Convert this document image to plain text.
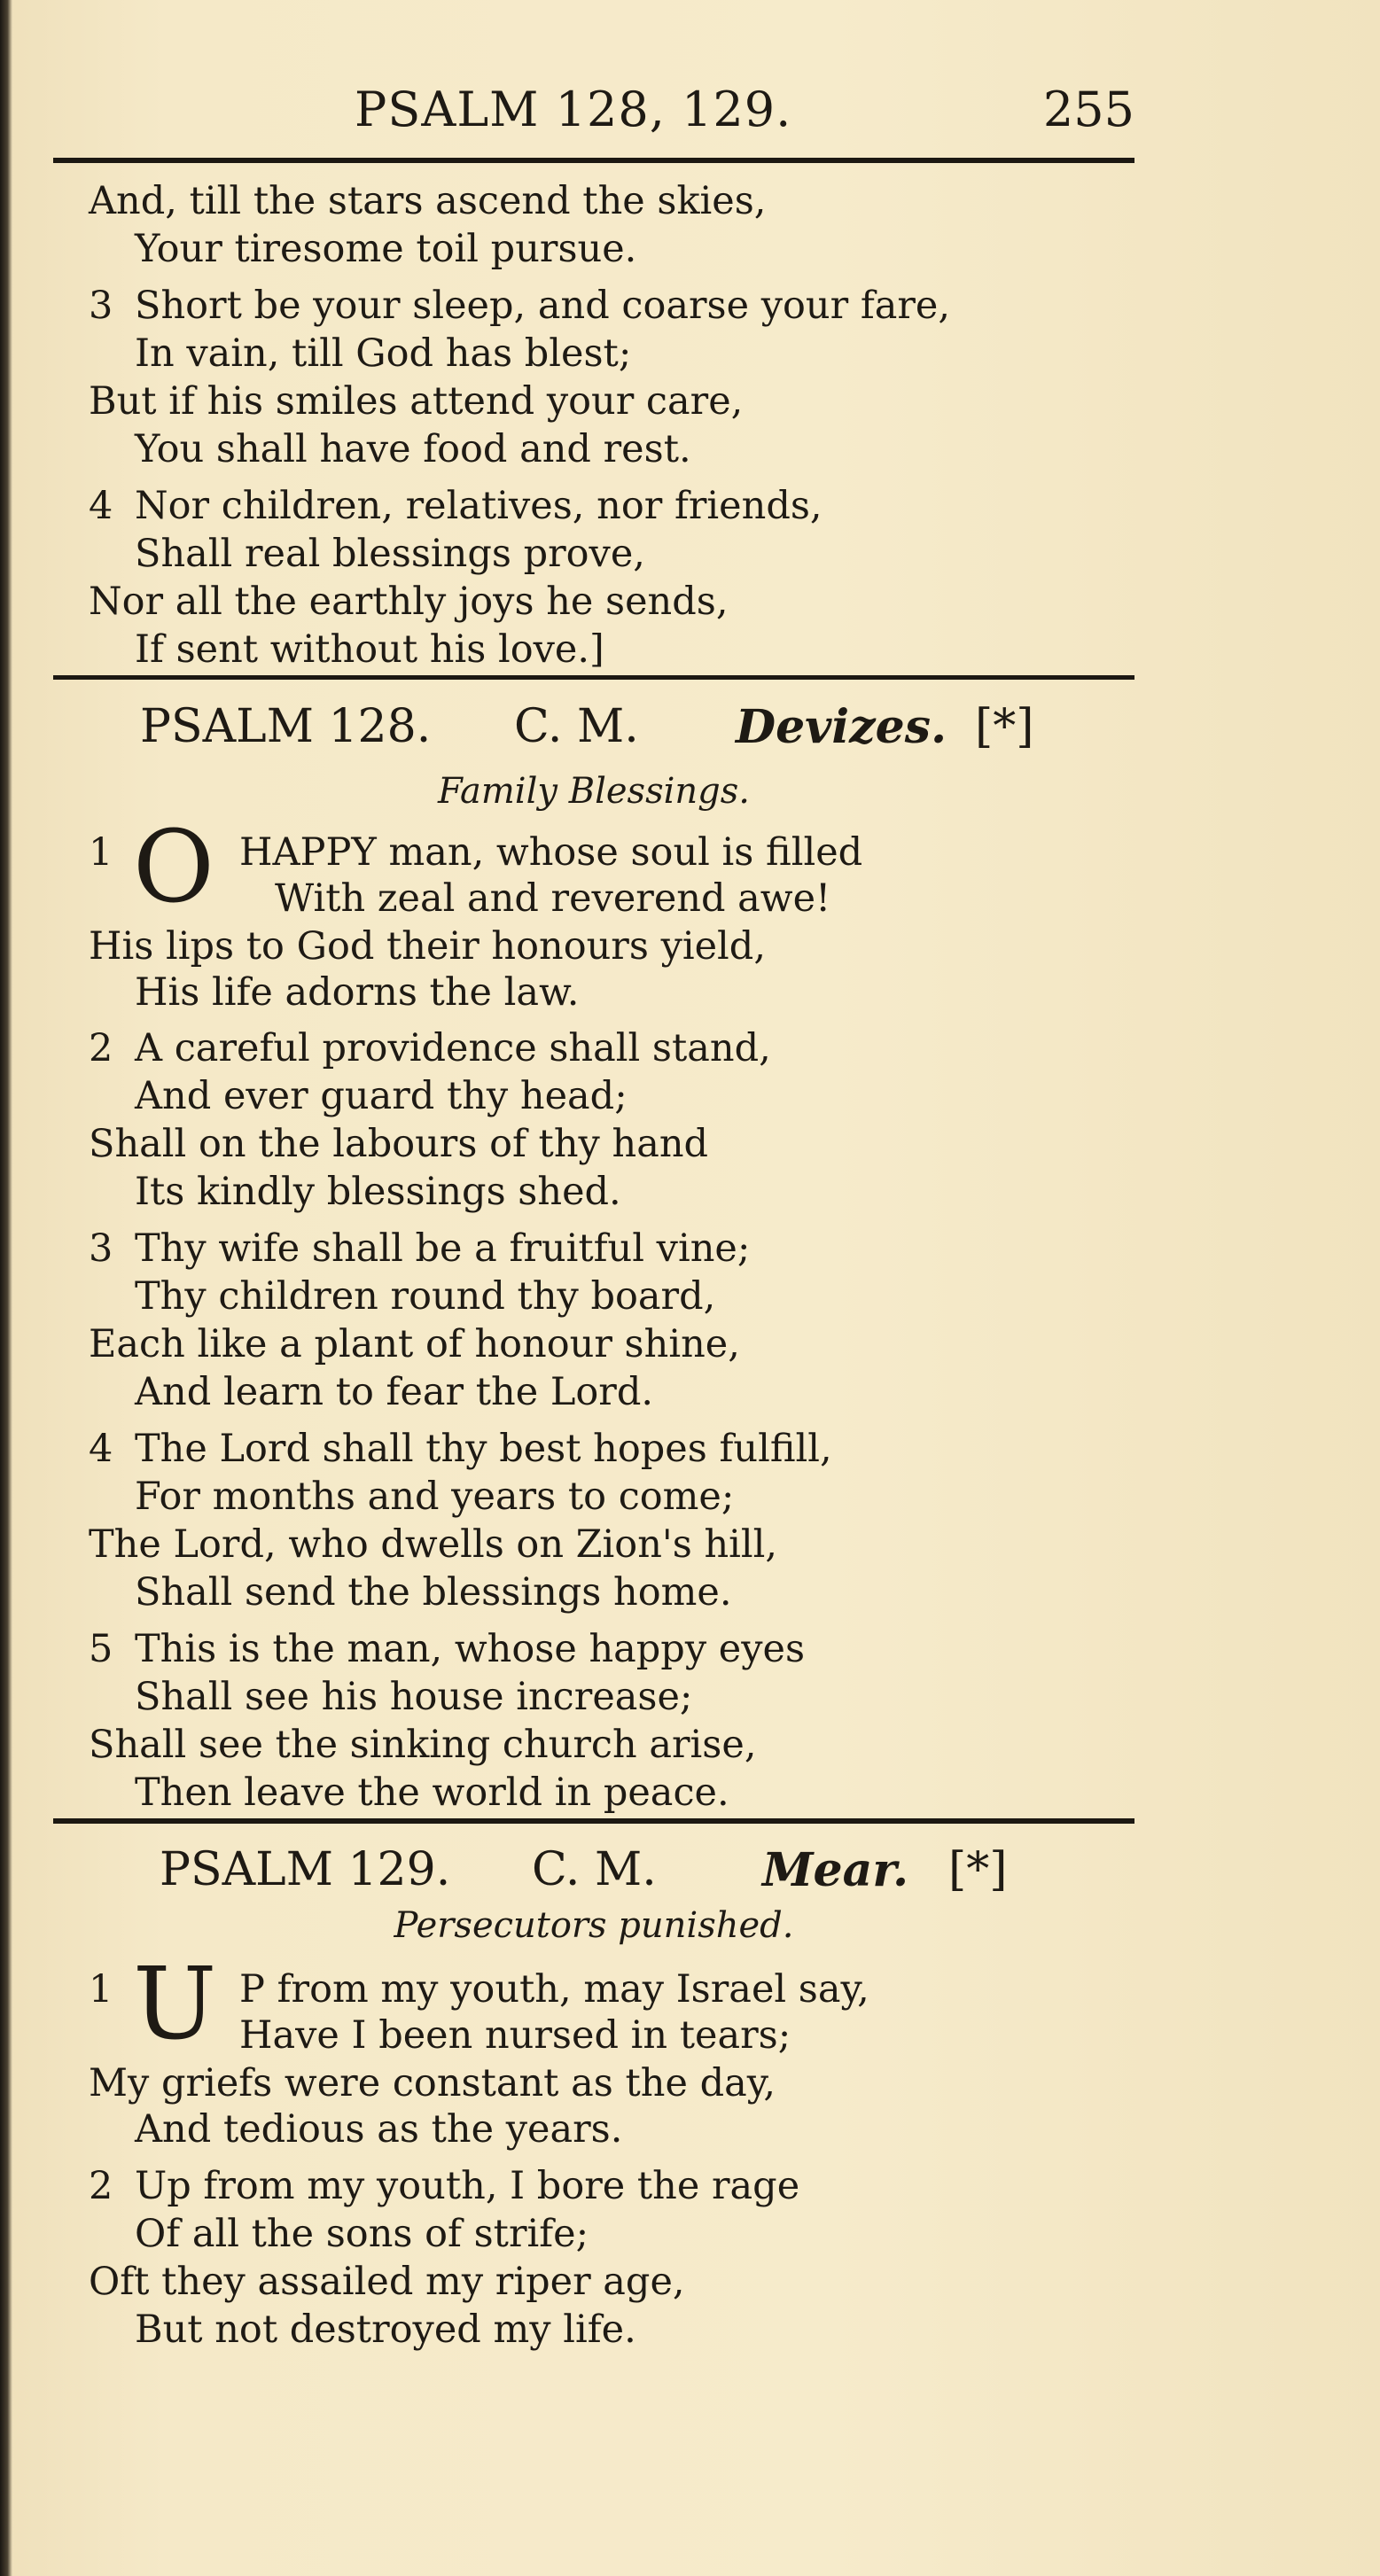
PSALM 128, 129.	255
And, till the stars ascend the skies,
Your tiresome toil pursue.
3 Short be your sleep, and coarse your fare,
In vain, till God has blest;
But if his smiles attend your care,
You shall have food and rest.
4 Nor children, relatives, nor friends,
Shall real blessings prove,
Nor all the earthly joys he sends,
If sent without his love.]
PSALM 128. C. M. Devizes. [*]
Family Blessings.
1 O HAPPY man, whose soul is filled
With zeal and reverend awe!
His lips to God their honours yield,
His life adorns the law.
2 A careful providence shall stand,
And ever guard thy head;
Shall on the labours of thy hand
Its kindly blessings shed.
3 Thy wife shall be a fruitful vine;
Thy children round thy board,
Each like a plant of honour shine,
And learn to fear the Lord.
4 The Lord shall thy best hopes fulfill,
For months and years to come;
The Lord, who dwells on Zion's hill,
Shall send the blessings home.
5 This is the man, whose happy eyes
Shall see his house increase;
Shall see the sinking church arise,
Then leave the world in peace.
PSALM 129. C. M. Mear. [*]
Persecutors punished.
1 U P from my youth, may Israel say,
Have I been nursed in tears;
My griefs were constant as the day,
And tedious as the years.
2 Up from my youth, I bore the rage
Of all the sons of strife;
Oft they assailed my riper age,
But not destroyed my life.
